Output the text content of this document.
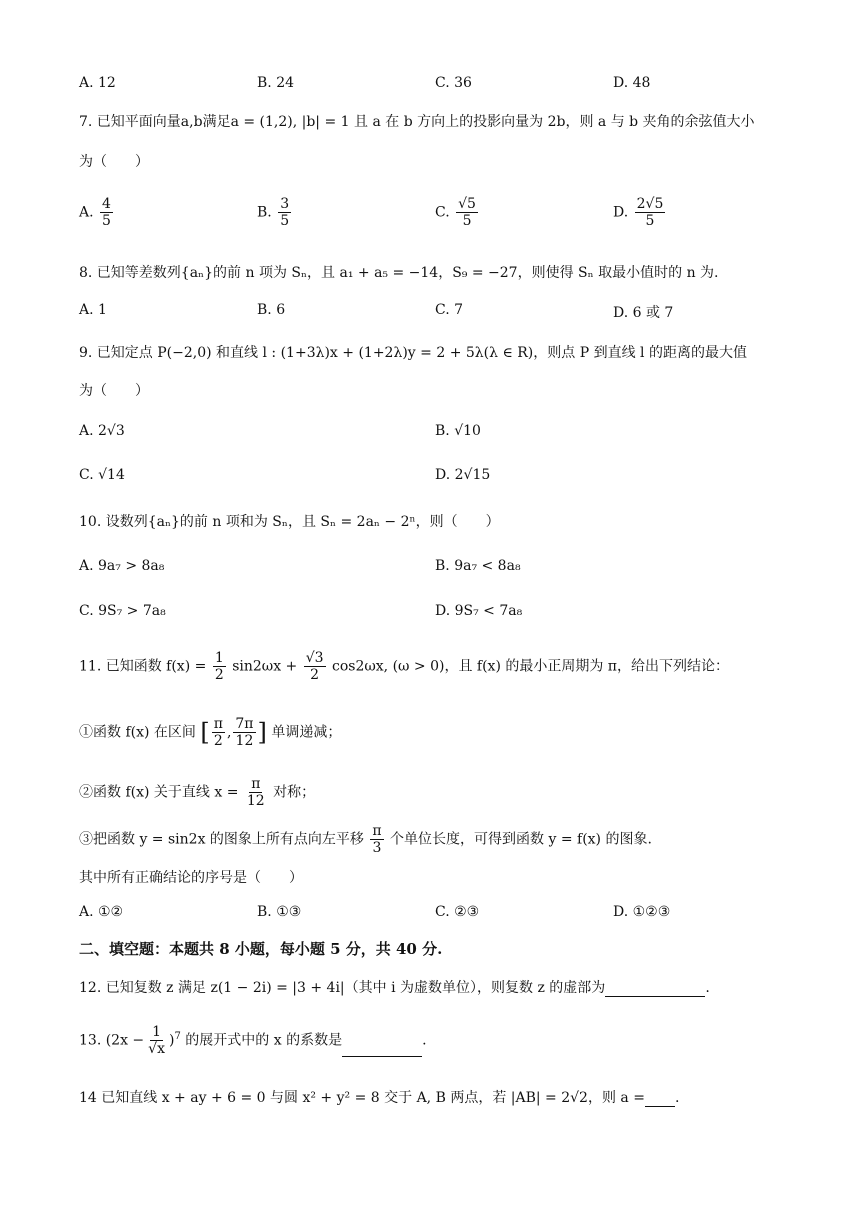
A. 12	B. 24	C. 36	D. 48
7. 已知平面向量a,b满足a = (1,2), |b| = 1 且 a 在 b 方向上的投影向量为 2b，则 a 与 b 夹角的余弦值大小
为（　　）
A. $\frac{4}{5}$	B. $\frac{3}{5}$	C. $\frac{√5}{5}$	D. $\frac{2√5}{5}$
8. 已知等差数列{aₙ}的前 n 项为 Sₙ，且 a₁ + a₅ = −14，S₉ = −27，则使得 Sₙ 取最小值时的 n 为.
A. 1	B. 6	C. 7	D. 6 或 7
9. 已知定点 P(−2,0) 和直线 l : (1+3λ)x + (1+2λ)y = 2 + 5λ(λ ∈ R)，则点 P 到直线 l 的距离的最大值
为（　　）
A. 2√3	B. √10
C. √14	D. 2√15
10. 设数列{aₙ}的前 n 项和为 Sₙ，且 Sₙ = 2aₙ − 2ⁿ，则（　　）
A. 9a₇ > 8a₈	B. 9a₇ < 8a₈
C. 9S₇ > 7a₈	D. 9S₇ < 7a₈
11. 已知函数 $f(x) = \frac{1}{2} \sin 2\omega x + \frac{√3}{2} \cos 2\omega x$, (ω > 0)，且 f(x) 的最小正周期为 π，给出下列结论：
①函数 f(x) 在区间 [ $\frac{\pi}{2}$ , $\frac{7\pi}{12}$ ] 单调递减；
②函数 f(x) 关于直线 $x = \frac{\pi}{12}$ 对称；
③把函数 y = sin2x 的图象上所有点向左平移 $\frac{\pi}{3}$ 个单位长度，可得到函数 y = f(x) 的图象.
其中所有正确结论的序号是（　　）
A. ①②	B. ①③	C. ②③	D. ①②③
二、填空题：本题共 8 小题，每小题 5 分，共 40 分.
12. 已知复数 z 满足 z(1 − 2i) = |3 + 4i|（其中 i 为虚数单位），则复数 z 的虚部为	.
13. $(2x - \frac{1}{√x} )^7$ 的展开式中的 x 的系数是	.
14 已知直线 x + ay + 6 = 0 与圆 x² + y² = 8 交于 A, B 两点，若 |AB| = 2√2，则 a = .
